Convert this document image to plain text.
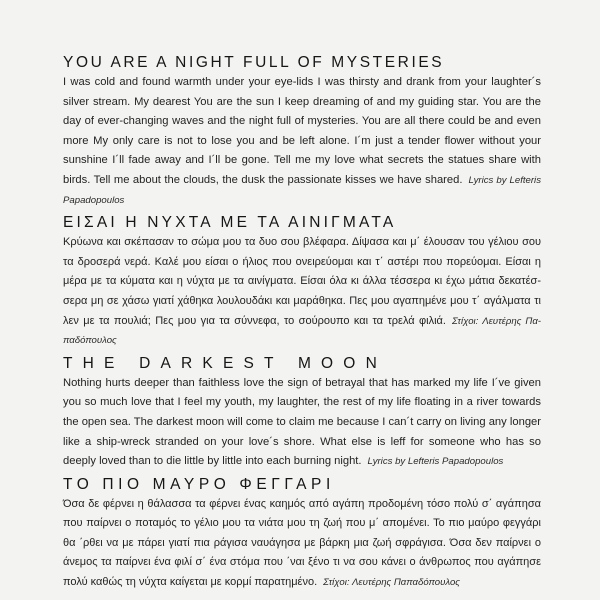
YOU ARE A NIGHT FULL OF MYSTERIES

I was cold and found warmth under your eye-lids I was thirsty and drank from your laughter´s silver stream. My dearest You are the sun I keep dreaming of and my guiding star. You are the day of ever-changing waves and the night full of mysteries. You are all there could be and even more My only care is not to lose you and be left alone. I´m just a tender flower without your sunshine I´ll fade away and I´ll be gone. Tell me my love what secrets the statues share with birds. Tell me about the clouds, the dusk the passionate kisses we have shared. Lyrics by Lefteris Papadopoulos

ΕΙΣΑΙ Η ΝΥΧΤΑ ΜΕ ΤΑ ΑΙΝΙΓΜΑΤΑ

Κρύωνα και σκέπασαν το σώμα μου τα δυο σου βλέφαρα. Δίψασα και μ΄ έλουσαν του γέλιου σου τα δροσερά νερά. Καλέ μου είσαι ο ήλιος που ονειρεύομαι και τ΄ αστέρι που πορεύομαι. Είσαι η μέρα με τα κύματα και η νύχτα με τα αινίγματα. Είσαι όλα κι άλλα τέσσερα κι έχω μάτια δεκατέσ-σερα μη σε χάσω γιατί χάθηκα λουλουδάκι και μαράθηκα. Πες μου αγαπημένε μου τ΄ αγάλματα τι λεν με τα πουλιά; Πες μου για τα σύννεφα, το σούρουπο και τα τρελά φιλιά. Στίχοι: Λευτέρης Πα-παδόπουλος

THE DARKEST MOON

Nothing hurts deeper than faithless love the sign of betrayal that has marked my life I´ve given you so much love that I feel my youth, my laughter, the rest of my life floating in a river towards the open sea. The darkest moon will come to claim me because I can´t carry on living any longer like a ship-wreck stranded on your love´s shore. What else is leff for someone who has so deeply loved than to die little by little into each burning night. Lyrics by Lefteris Papadopoulos

ΤΟ ΠΙΟ ΜΑΥΡΟ ΦΕΓΓΑΡΙ

Όσα δε φέρνει η θάλασσα τα φέρνει ένας καημός από αγάπη προδομένη τόσο πολύ σ΄ αγάπησα που παίρνει ο ποταμός το γέλιο μου τα νιάτα μου τη ζωή που μ΄ απομένει. Το πιο μαύρο φεγγάρι θα ΄ρθει να με πάρει γιατί πια ράγισα ναυάγησα με βάρκη μια ζωή σφράγισα. Όσα δεν παίρνει ο άνεμος τα παίρνει ένα φιλί σ΄ ένα στόμα που ΄ναι ξένο τι να σου κάνει ο άνθρωπος που αγάπησε πολύ καθώς τη νύχτα καίγεται με κορμί παρατημένο. Στίχοι: Λευτέρης Παπαδόπουλος
